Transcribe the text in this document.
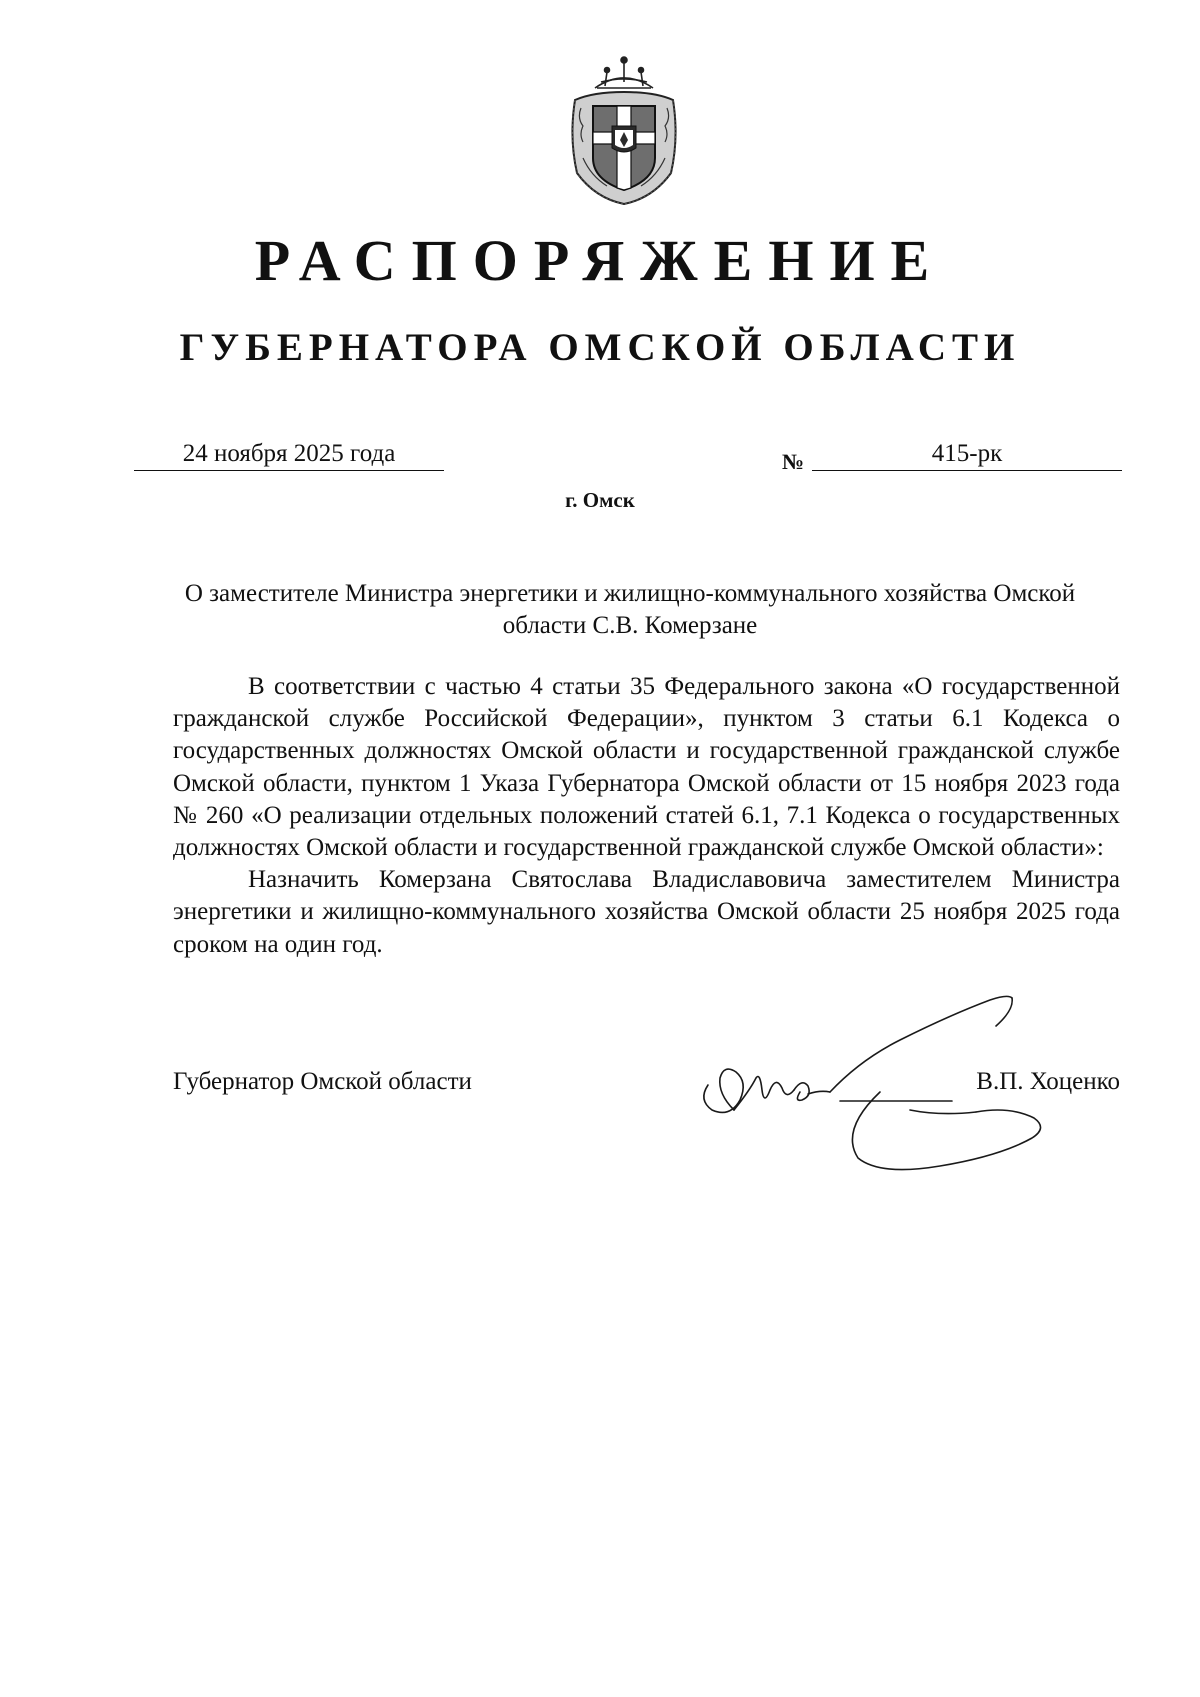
РАСПОРЯЖЕНИЕ
ГУБЕРНАТОРА ОМСКОЙ ОБЛАСТИ
24 ноября 2025 года	№	415-рк
г. Омск
О заместителе Министра энергетики и жилищно-коммунального хозяйства Омской области С.В. Комерзане

В соответствии с частью 4 статьи 35 Федерального закона «О государственной гражданской службе Российской Федерации», пунктом 3 статьи 6.1 Кодекса о государственных должностях Омской области и государственной гражданской службе Омской области, пунктом 1 Указа Губернатора Омской области от 15 ноября 2023 года № 260 «О реализации отдельных положений статей 6.1, 7.1 Кодекса о государственных должностях Омской области и государственной гражданской службе Омской области»:

Назначить Комерзана Святослава Владиславовича заместителем Министра энергетики и жилищно-коммунального хозяйства Омской области 25 ноября 2025 года сроком на один год.

Губернатор Омской области	В.П. Хоценко
